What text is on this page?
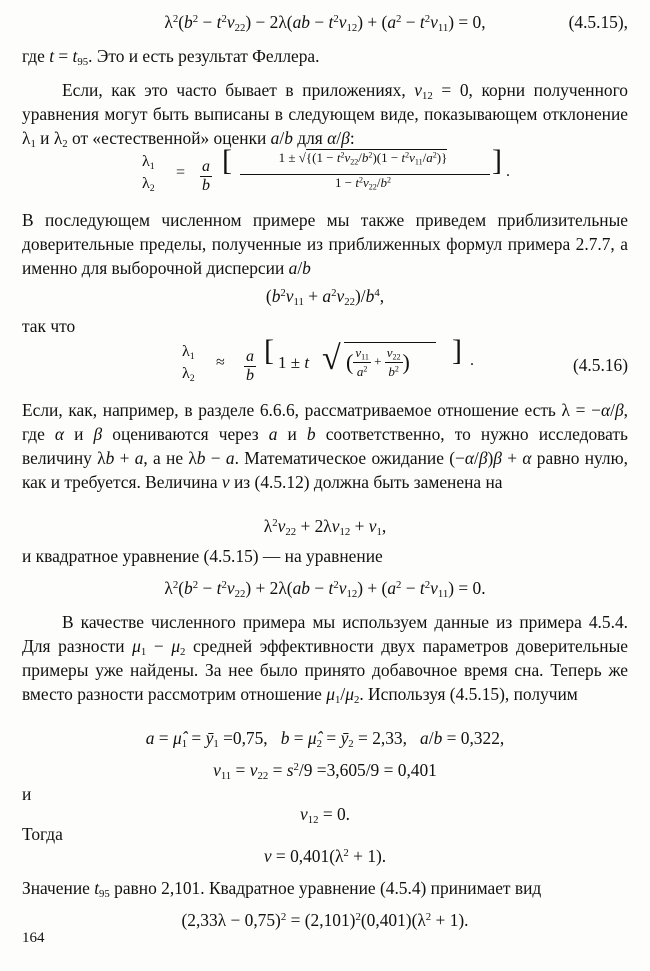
$\lambda^2(b^2 - t^2\nu_{22}) - 2\lambda(ab - t^2\nu_{12}) + (a^2 - t^2\nu_{11}) = 0$,	(4.5.15),
где $t = t_{95}$. Это и есть результат Феллера.
Если, как это часто бывает в приложениях, $\nu_{12} = 0$, корни полученного уравнения могут быть выписаны в следующем виде, показывающем отклонение $\lambda_1$ и $\lambda_2$ от «естественной» оценки a/b для α/β:
$\lambda_1$
$\lambda_2$
= $\frac{a}{b}$ [	$1 \pm √\{(1 - t^2\nu_{22}/b^2)(1 - t^2\nu_{11}/a^2)\}$
$1 - t^2\nu_{22}/b^2$
] .
В последующем численном примере мы также приведем приблизительные доверительные пределы, полученные из приближенных формул примера 2.7.7, а именно для выборочной дисперсии a/b
$(b^2\nu_{11} + a^2\nu_{22})/b^4$,
так что
$\lambda_1$
$\lambda_2$
≈ $\frac{a}{b}$ [ 1 ± t √ ( $\frac{\nu_{11}}{a^2} + \frac{\nu_{22}}{b^2}$ ) ] .	(4.5.16)
Если, как, например, в разделе 6.6.6, рассматриваемое отношение есть λ = −α/β, где α и β оцениваются через a и b соответственно, то нужно исследовать величину λb + a, а не λb − a. Математическое ожидание (−α/β)β + α равно нулю, как и требуется. Величина ν из (4.5.12) должна быть заменена на
$\lambda^2\nu_{22} + 2\lambda\nu_{12} + \nu_1$,
и квадратное уравнение (4.5.15) — на уравнение
$\lambda^2(b^2 - t^2\nu_{22}) + 2\lambda(ab - t^2\nu_{12}) + (a^2 - t^2\nu_{11}) = 0$.
В качестве численного примера мы используем данные из примера 4.5.4. Для разности $\mu_1 - \mu_2$ средней эффективности двух параметров доверительные примеры уже найдены. За нее было принято добавочное время сна. Теперь же вместо разности рассмотрим отношение $\mu_1/\mu_2$. Используя (4.5.15), получим
$a = \mû_1$ = $ȳ_1 =0,75$,   $b = \mû_2$ = $ȳ_2 = 2,33$,   a/b = 0,322,
$\nu_{11} = \nu_{22} = s^2/9 =3,605/9 = 0,401$
и
$\nu_{12} = 0$.
Тогда
$\nu = 0,401(\lambda^2 + 1)$.
Значение $t_{95}$ равно 2,101. Квадратное уравнение (4.5.4) принимает вид
$(2,33\lambda - 0,75)^2 = (2,101)^2(0,401)(\lambda^2 + 1)$.
164
